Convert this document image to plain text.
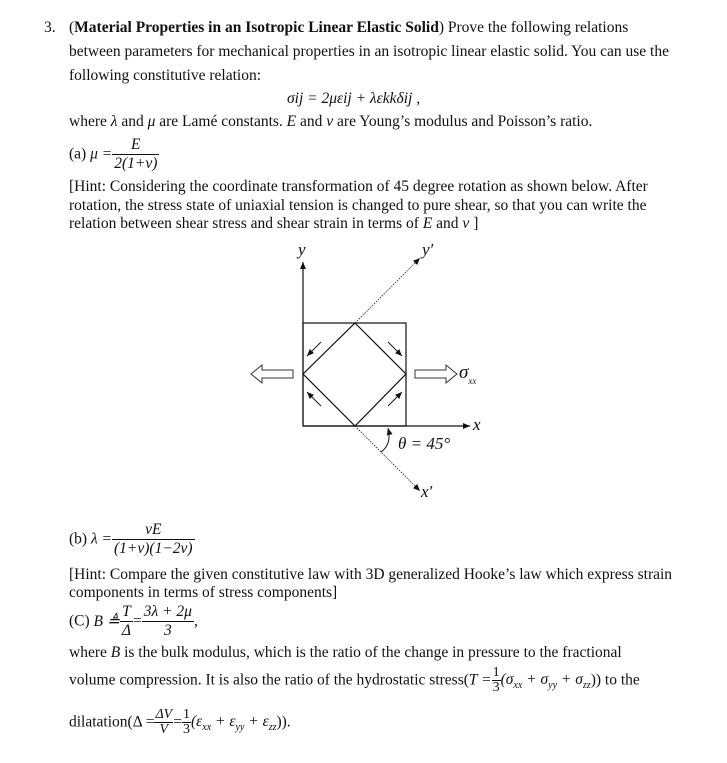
3. (Material Properties in an Isotropic Linear Elastic Solid) Prove the following relations
between parameters for mechanical properties in an isotropic linear elastic solid. You can use the
following constitutive relation:
σij = 2μεij + λεkkδij ,
where λ and μ are Lamé constants. E and ν are Young’s modulus and Poisson’s ratio.
(a) $\mu = \frac{E}{2(1+\nu)}$
[Hint: Considering the coordinate transformation of 45 degree rotation as shown below. After
rotation, the stress state of uniaxial tension is changed to pure shear, so that you can write the
relation between shear stress and shear strain in terms of E and ν ]
y	y′
x
x′
$\sigma_{xx}$
θ = 45°
(b) $\lambda = \frac{\nu E}{(1+\nu)(1-2\nu)}$
[Hint: Compare the given constitutive law with 3D generalized Hooke’s law which express strain
components in terms of stress components]
(C) B ≜ $\frac{T}{\Delta} = \frac{3\lambda + 2\mu}{3}$ ,
where B is the bulk modulus, which is the ratio of the change in pressure to the fractional
volume compression. It is also the ratio of the hydrostatic stress(T = $\frac{1}{3} (\sigma_{xx} + \sigma_{yy} + \sigma_{zz})$) to the
dilatation(Δ = $\frac{\Delta V}{V} = \frac{1}{3} (\varepsilon_{xx} + \varepsilon_{yy} + \varepsilon_{zz})$).
